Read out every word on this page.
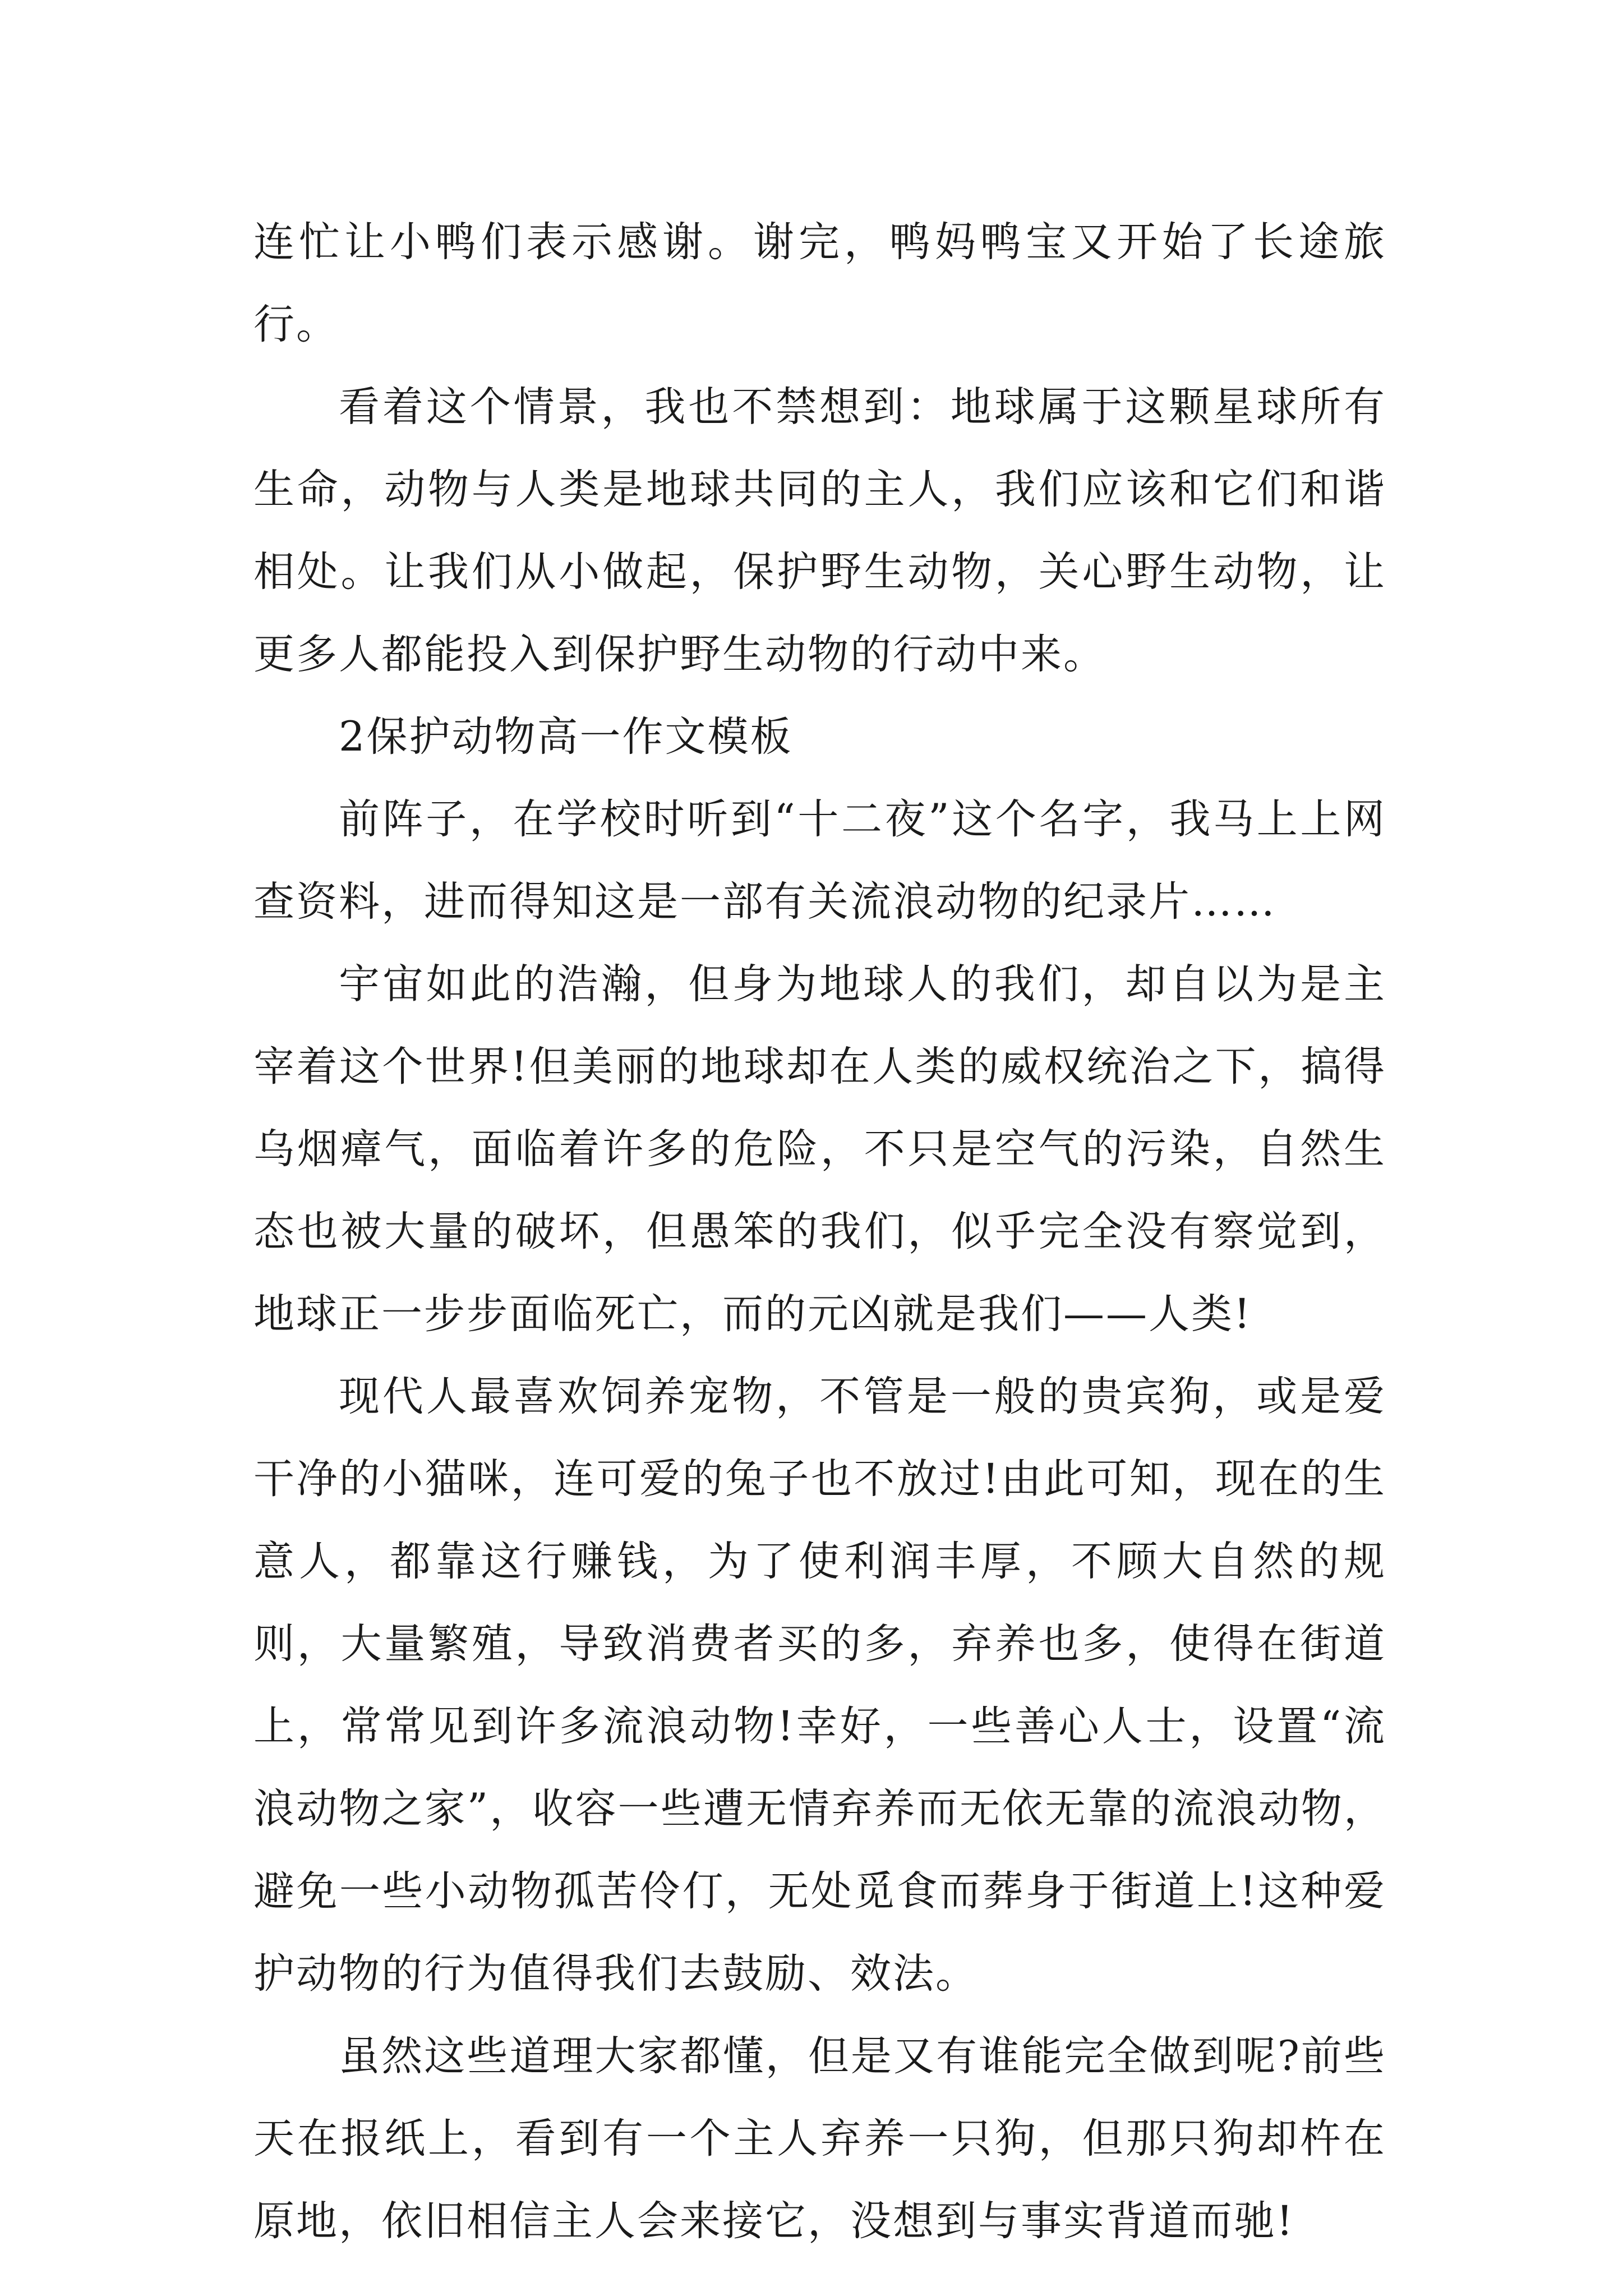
连忙让小鸭们表示感谢。谢完，鸭妈鸭宝又开始了长途旅行。

看着这个情景，我也不禁想到：地球属于这颗星球所有生命，动物与人类是地球共同的主人，我们应该和它们和谐相处。让我们从小做起，保护野生动物，关心野生动物，让更多人都能投入到保护野生动物的行动中来。

2保护动物高一作文模板

前阵子，在学校时听到“十二夜”这个名字，我马上上网查资料，进而得知这是一部有关流浪动物的纪录片……

宇宙如此的浩瀚，但身为地球人的我们，却自以为是主宰着这个世界!但美丽的地球却在人类的威权统治之下，搞得乌烟瘴气，面临着许多的危险，不只是空气的污染，自然生态也被大量的破坏，但愚笨的我们，似乎完全没有察觉到，地球正一步步面临死亡，而的元凶就是我们——人类!

现代人最喜欢饲养宠物，不管是一般的贵宾狗，或是爱干净的小猫咪，连可爱的兔子也不放过!由此可知，现在的生意人，都靠这行赚钱，为了使利润丰厚，不顾大自然的规则，大量繁殖，导致消费者买的多，弃养也多，使得在街道上，常常见到许多流浪动物!幸好，一些善心人士，设置“流浪动物之家”，收容一些遭无情弃养而无依无靠的流浪动物，避免一些小动物孤苦伶仃，无处觅食而葬身于街道上!这种爱护动物的行为值得我们去鼓励、效法。

虽然这些道理大家都懂，但是又有谁能完全做到呢?前些天在报纸上，看到有一个主人弃养一只狗，但那只狗却杵在原地，依旧相信主人会来接它，没想到与事实背道而驰!
